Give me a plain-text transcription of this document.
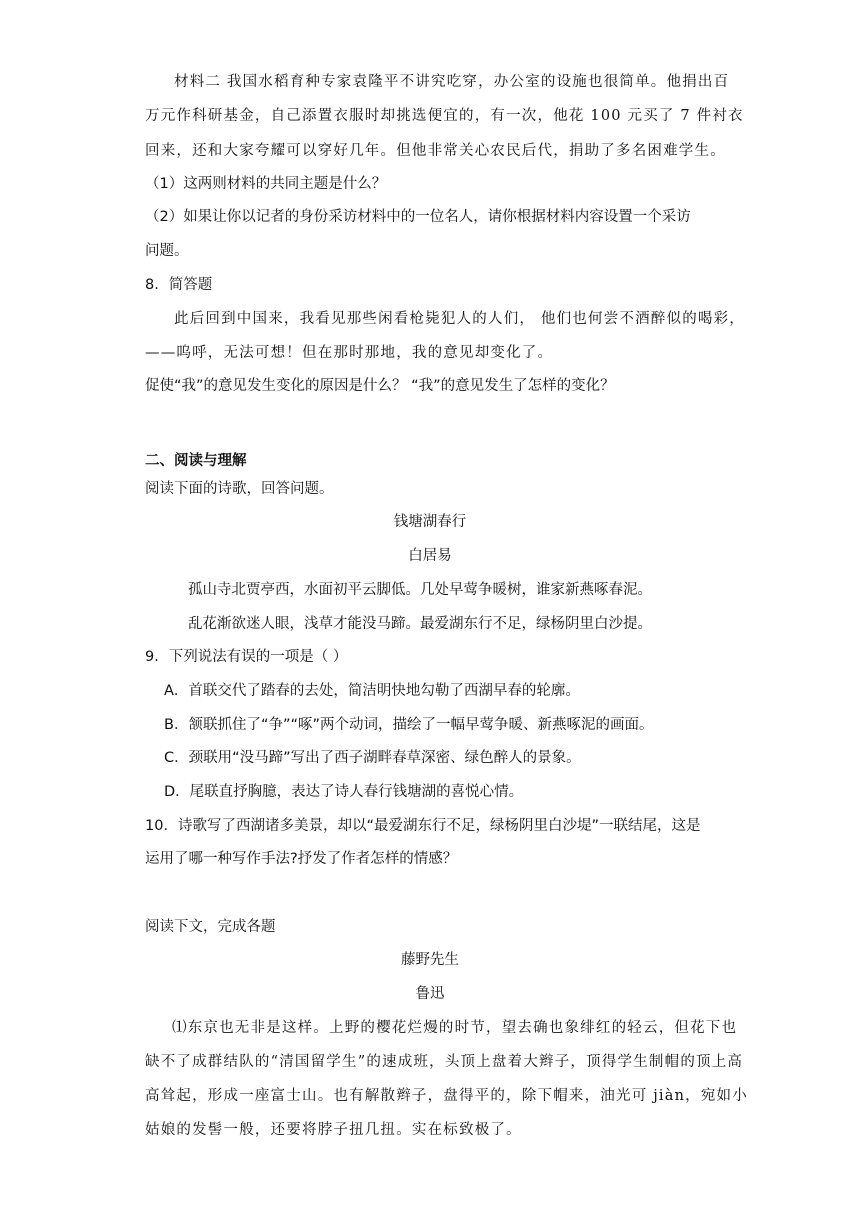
材料二 我国水稻育种专家袁隆平不讲究吃穿，办公室的设施也很简单。他捐出百
万元作科研基金，自己添置衣服时却挑选便宜的，有一次，他花 100 元买了 7 件衬衣
回来，还和大家夸耀可以穿好几年。但他非常关心农民后代，捐助了多名困难学生。
（1）这两则材料的共同主题是什么？
（2）如果让你以记者的身份采访材料中的一位名人，请你根据材料内容设置一个采访
问题。
8．简答题
此后回到中国来，我看见那些闲看枪毙犯人的人们， 他们也何尝不酒醉似的喝彩，
——呜呼，无法可想！但在那时那地，我的意见却变化了。
促使“我”的意见发生变化的原因是什么？ “我”的意见发生了怎样的变化？
二、阅读与理解
阅读下面的诗歌，回答问题。
钱塘湖春行
白居易
孤山寺北贾亭西，水面初平云脚低。几处早莺争暖树，谁家新燕啄春泥。
乱花渐欲迷人眼，浅草才能没马蹄。最爱湖东行不足，绿杨阴里白沙提。
9．下列说法有误的一项是（ ）
A．首联交代了踏春的去处，简洁明快地勾勒了西湖早春的轮廓。
B．颔联抓住了“争”“啄”两个动词，描绘了一幅早莺争暖、新燕啄泥的画面。
C．颈联用“没马蹄”写出了西子湖畔春草深密、绿色醉人的景象。
D．尾联直抒胸臆，表达了诗人春行钱塘湖的喜悦心情。
10．诗歌写了西湖诸多美景，却以“最爱湖东行不足，绿杨阴里白沙堤”一联结尾，这是
运用了哪一种写作手法?抒发了作者怎样的情感？
阅读下文，完成各题
藤野先生
鲁迅
⑴东京也无非是这样。上野的樱花烂熳的时节，望去确也象绯红的轻云，但花下也
缺不了成群结队的“清国留学生”的速成班，头顶上盘着大辫子，顶得学生制帽的顶上高
高耸起，形成一座富士山。也有解散辫子，盘得平的，除下帽来，油光可 jiàn，宛如小
姑娘的发髻一般，还要将脖子扭几扭。实在标致极了。
